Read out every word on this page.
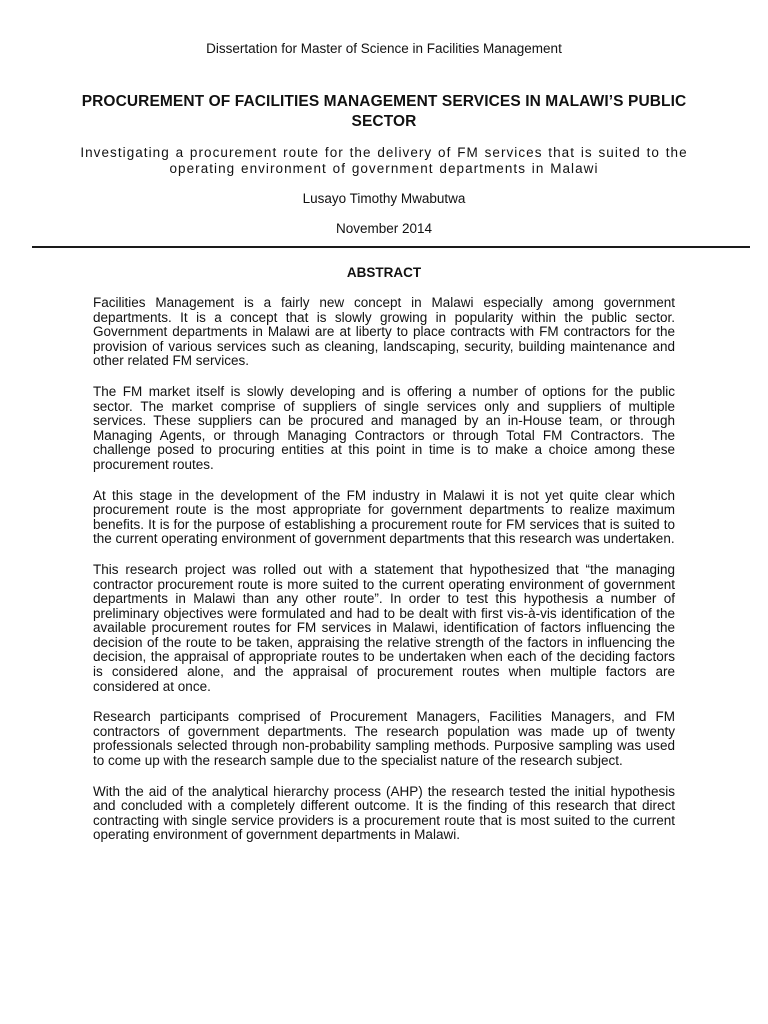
Dissertation for Master of Science in Facilities Management
PROCUREMENT OF FACILITIES MANAGEMENT SERVICES IN MALAWI’S PUBLIC SECTOR
Investigating a procurement route for the delivery of FM services that is suited to the operating environment of government departments in Malawi
Lusayo Timothy Mwabutwa
November 2014
ABSTRACT

Facilities Management is a fairly new concept in Malawi especially among government departments. It is a concept that is slowly growing in popularity within the public sector. Government departments in Malawi are at liberty to place contracts with FM contractors for the provision of various services such as cleaning, landscaping, security, building maintenance and other related FM services.

The FM market itself is slowly developing and is offering a number of options for the public sector. The market comprise of suppliers of single services only and suppliers of multiple services. These suppliers can be procured and managed by an in-House team, or through Managing Agents, or through Managing Contractors or through Total FM Contractors. The challenge posed to procuring entities at this point in time is to make a choice among these procurement routes.

At this stage in the development of the FM industry in Malawi it is not yet quite clear which procurement route is the most appropriate for government departments to realize maximum benefits. It is for the purpose of establishing a procurement route for FM services that is suited to the current operating environment of government departments that this research was undertaken.

This research project was rolled out with a statement that hypothesized that “the managing contractor procurement route is more suited to the current operating environment of government departments in Malawi than any other route”. In order to test this hypothesis a number of preliminary objectives were formulated and had to be dealt with first vis-à-vis identification of the available procurement routes for FM services in Malawi, identification of factors influencing the decision of the route to be taken, appraising the relative strength of the factors in influencing the decision, the appraisal of appropriate routes to be undertaken when each of the deciding factors is considered alone, and the appraisal of procurement routes when multiple factors are considered at once.

Research participants comprised of Procurement Managers, Facilities Managers, and FM contractors of government departments. The research population was made up of twenty professionals selected through non-probability sampling methods. Purposive sampling was used to come up with the research sample due to the specialist nature of the research subject.

With the aid of the analytical hierarchy process (AHP) the research tested the initial hypothesis and concluded with a completely different outcome. It is the finding of this research that direct contracting with single service providers is a procurement route that is most suited to the current operating environment of government departments in Malawi.
